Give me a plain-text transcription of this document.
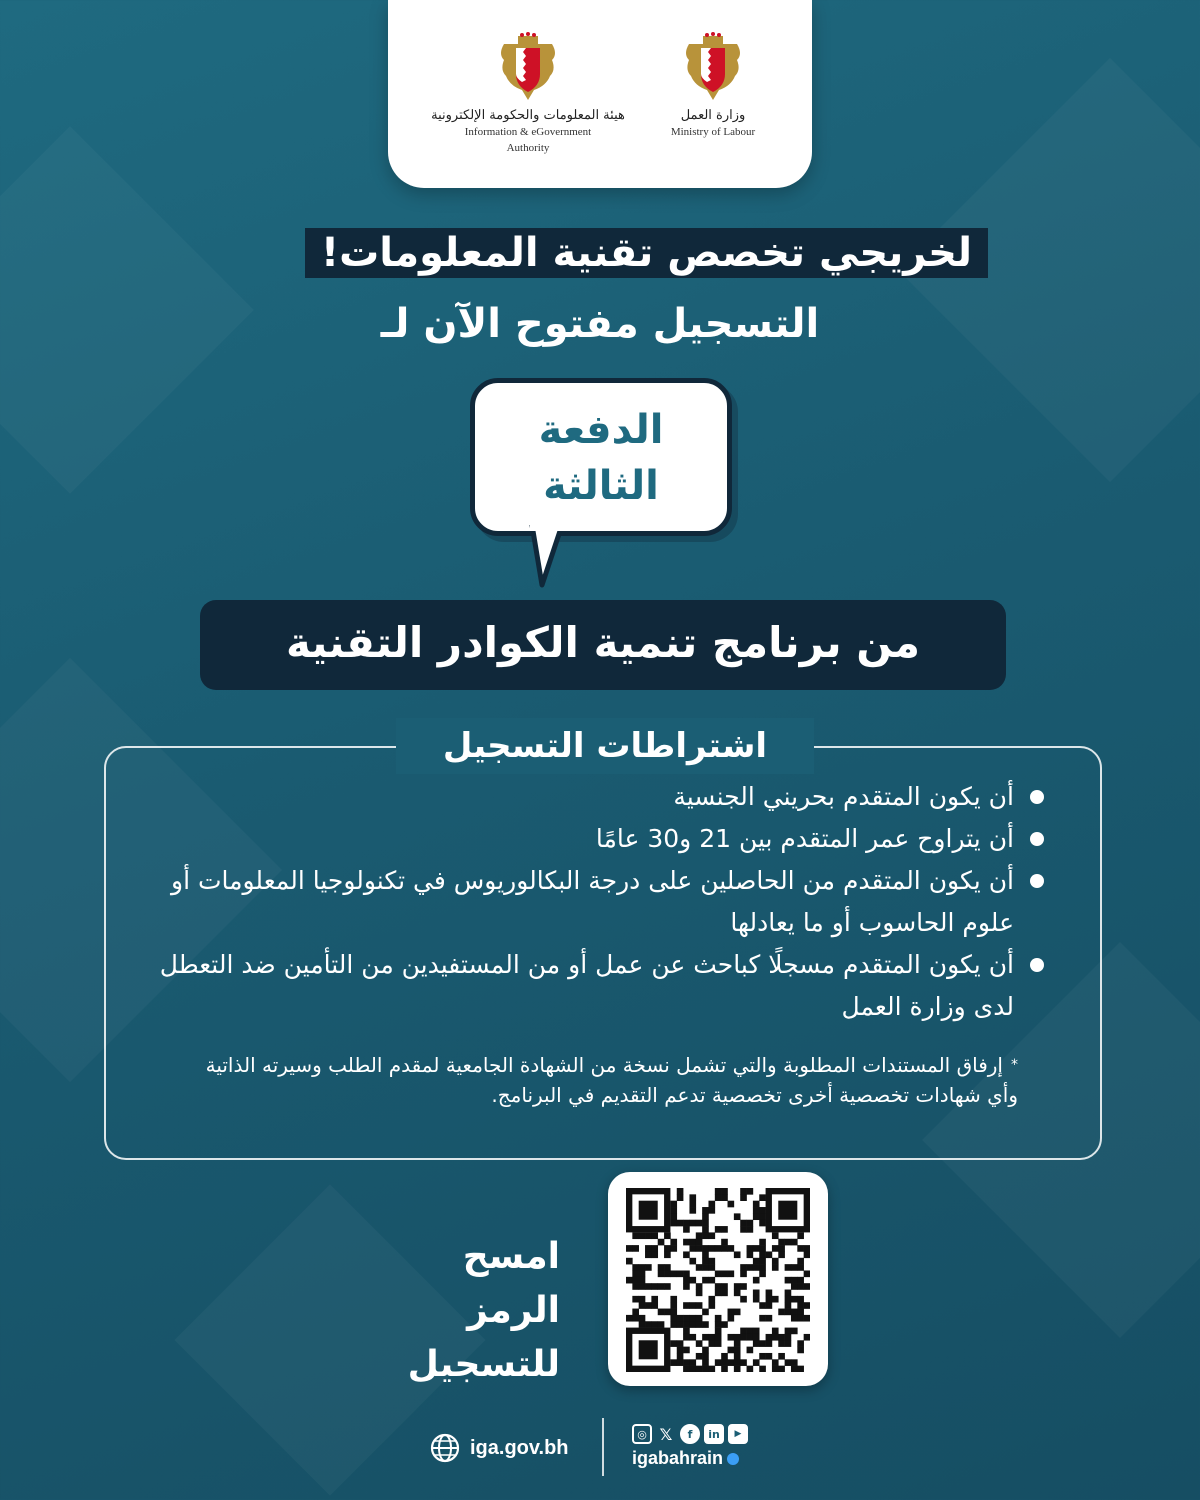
هيئة المعلومات والحكومة الإلكترونية
Information & eGovernment
Authority
وزارة العمل
Ministry of Labour
لخريجي تخصص تقنية المعلومات!
التسجيل مفتوح الآن لـ
الدفعة
الثالثة
من برنامج تنمية الكوادر التقنية
اشتراطات التسجيل
أن يكون المتقدم بحريني الجنسية
أن يتراوح عمر المتقدم بين 21 و30 عامًا
أن يكون المتقدم من الحاصلين على درجة البكالوريوس في تكنولوجيا المعلومات أو علوم الحاسوب أو ما يعادلها
أن يكون المتقدم مسجلًا كباحث عن عمل أو من المستفيدين من التأمين ضد التعطل لدى وزارة العمل
*إرفاق المستندات المطلوبة والتي تشمل نسخة من الشهادة الجامعية لمقدم الطلب وسيرته الذاتية وأي شهادات تخصصية أخرى تخصصية تدعم التقديم في البرنامج.
امسح الرمز
للتسجيل
iga.gov.bh
◎ 𝕏	f	in	▶
igabahrain
